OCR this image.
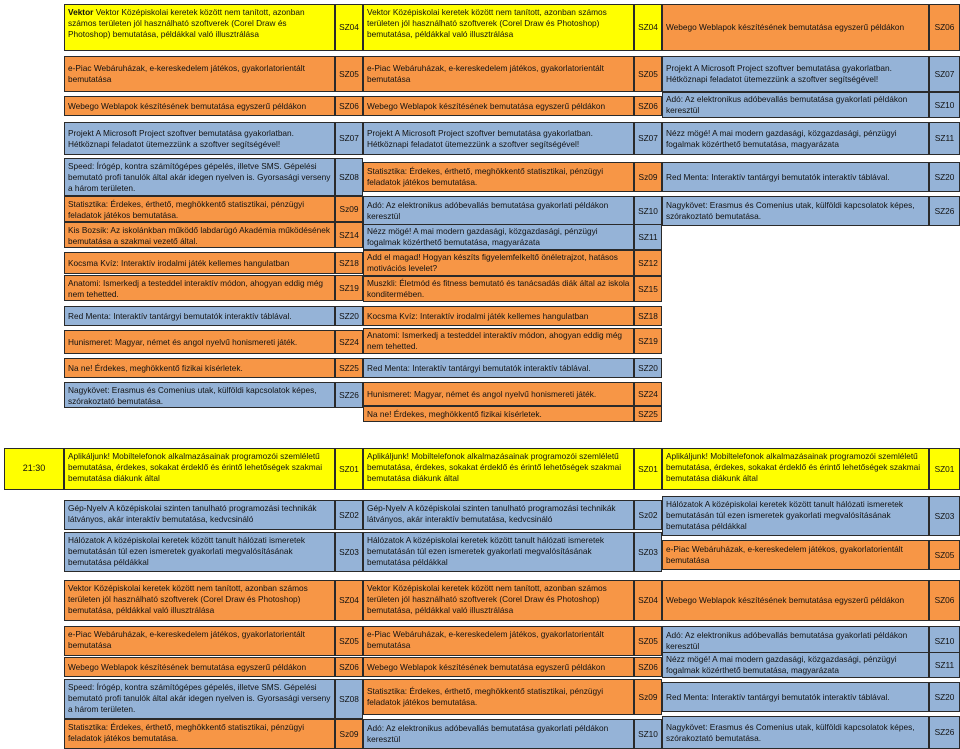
Vektor Vektor Középiskolai keretek között nem tanított, azonban számos területen jól használható szoftverek (Corel Draw és Photoshop) bemutatása, példákkal való illusztrálása
SZ04
e-Piac Webáruházak, e-kereskedelem játékos, gyakorlatorientált bemutatása
SZ05
Webego Weblapok készítésének bemutatása egyszerű példákon	SZ06
Projekt A Microsoft Project szoftver bemutatása gyakorlatban. Hétköznapi feladatot ütemezzünk a szoftver segítségével!
SZ07
Speed: Írógép, kontra számítógépes gépelés, illetve SMS. Gépelési bemutató profi tanulók által akár idegen nyelven is. Gyorsasági verseny a három területen.
SZ08
Statisztika: Érdekes, érthető, meghökkentő statisztikai, pénzügyi feladatok játékos bemutatása.
Sz09
Kis Bozsik: Az iskolánkban működő labdarúgó Akadémia működésének bemutatása a szakmai vezető által.
SZ14
Kocsma Kvíz: Interaktív irodalmi játék kellemes hangulatban	SZ18
Anatomi: Ismerkedj a testeddel interaktív módon, ahogyan eddig még nem tehetted.
SZ19
Red Menta: Interaktív tantárgyi bemutatók interaktív táblával.	SZ20
Hunismeret: Magyar, német és angol nyelvű honismereti játék.	SZ24
Na ne! Érdekes, meghökkentő fizikai kísérletek.	SZ25
Nagykövet: Erasmus és Comenius utak, külföldi kapcsolatok képes, szórakoztató bemutatása.
SZ26
Vektor Középiskolai keretek között nem tanított, azonban számos területen jól használható szoftverek (Corel Draw és Photoshop) bemutatása, példákkal való illusztrálása
SZ04
e-Piac Webáruházak, e-kereskedelem játékos, gyakorlatorientált bemutatása
SZ05
Webego Weblapok készítésének bemutatása egyszerű példákon	SZ06
Projekt A Microsoft Project szoftver bemutatása gyakorlatban. Hétköznapi feladatot ütemezzünk a szoftver segítségével!
SZ07
Statisztika: Érdekes, érthető, meghökkentő statisztikai, pénzügyi feladatok játékos bemutatása.
Sz09
Adó: Az elektronikus adóbevallás bemutatása gyakorlati példákon keresztül
SZ10
Nézz mögé! A mai modern gazdasági, közgazdasági, pénzügyi fogalmak közérthető bemutatása, magyarázata
SZ11
Add el magad! Hogyan készíts figyelemfelkeltő önéletrajzot, hatásos motivációs levelet?
SZ12
Muszkli: Életmód és fitness bemutató és tanácsadás diák által az iskola konditermében.
SZ15
Kocsma Kvíz: Interaktív irodalmi játék kellemes hangulatban	SZ18
Anatomi: Ismerkedj a testeddel interaktív módon, ahogyan eddig még nem tehetted.
SZ19
Red Menta: Interaktív tantárgyi bemutatók interaktív táblával.	SZ20
Hunismeret: Magyar, német és angol nyelvű honismereti játék.	SZ24
Na ne! Érdekes, meghökkentő fizikai kísérletek.	SZ25
Webego Weblapok készítésének bemutatása egyszerű példákon	SZ06
Projekt A Microsoft Project szoftver bemutatása gyakorlatban. Hétköznapi feladatot ütemezzünk a szoftver segítségével!
SZ07
Adó: Az elektronikus adóbevallás bemutatása gyakorlati példákon keresztül
SZ10
Nézz mögé! A mai modern gazdasági, közgazdasági, pénzügyi fogalmak közérthető bemutatása, magyarázata
SZ11
Red Menta: Interaktív tantárgyi bemutatók interaktív táblával.	SZ20
Nagykövet: Erasmus és Comenius utak, külföldi kapcsolatok képes, szórakoztató bemutatása.
SZ26
21:30
Aplikáljunk! Mobiltelefonok alkalmazásainak programozói szemléletű bemutatása, érdekes, sokakat érdeklő és érintő lehetőségek szakmai bemutatása diákunk által
SZ01
Gép-Nyelv A középiskolai szinten tanulható programozási technikák látványos, akár interaktív bemutatása, kedvcsináló	SZ02
Hálózatok A középiskolai keretek között tanult hálózati ismeretek bemutatásán túl ezen ismeretek gyakorlati megvalósításának bemutatása példákkal
SZ03
Vektor Középiskolai keretek között nem tanított, azonban számos területen jól használható szoftverek (Corel Draw és Photoshop) bemutatása, példákkal való illusztrálása
SZ04
e-Piac Webáruházak, e-kereskedelem játékos, gyakorlatorientált bemutatása	SZ05
Webego Weblapok készítésének bemutatása egyszerű példákon	SZ06
Speed: Írógép, kontra számítógépes gépelés, illetve SMS. Gépelési bemutató profi tanulók által akár idegen nyelven is. Gyorsasági verseny a három területen.
SZ08
Statisztika: Érdekes, érthető, meghökkentő statisztikai, pénzügyi feladatok játékos bemutatása.	Sz09
Aplikáljunk! Mobiltelefonok alkalmazásainak programozói szemléletű bemutatása, érdekes, sokakat érdeklő és érintő lehetőségek szakmai bemutatása diákunk által
SZ01
Gép-Nyelv A középiskolai szinten tanulható programozási technikák látványos, akár interaktív bemutatása, kedvcsináló	Sz02
Hálózatok A középiskolai keretek között tanult hálózati ismeretek bemutatásán túl ezen ismeretek gyakorlati megvalósításának bemutatása példákkal
SZ03
Vektor Középiskolai keretek között nem tanított, azonban számos területen jól használható szoftverek (Corel Draw és Photoshop) bemutatása, példákkal való illusztrálása
SZ04
e-Piac Webáruházak, e-kereskedelem játékos, gyakorlatorientált bemutatása	SZ05
Webego Weblapok készítésének bemutatása egyszerű példákon	SZ06
Statisztika: Érdekes, érthető, meghökkentő statisztikai, pénzügyi feladatok játékos bemutatása.
Sz09
Adó: Az elektronikus adóbevallás bemutatása gyakorlati példákon keresztül
SZ10
Aplikáljunk! Mobiltelefonok alkalmazásainak programozói szemléletű bemutatása, érdekes, sokakat érdeklő és érintő lehetőségek szakmai bemutatása diákunk által
SZ01
Hálózatok A középiskolai keretek között tanult hálózati ismeretek bemutatásán túl ezen ismeretek gyakorlati megvalósításának bemutatása példákkal
SZ03
e-Piac Webáruházak, e-kereskedelem játékos, gyakorlatorientált bemutatása
SZ05
Webego Weblapok készítésének bemutatása egyszerű példákon	SZ06
Adó: Az elektronikus adóbevallás bemutatása gyakorlati példákon keresztül
SZ10
Nézz mögé! A mai modern gazdasági, közgazdasági, pénzügyi fogalmak közérthető bemutatása, magyarázata
SZ11
Red Menta: Interaktív tantárgyi bemutatók interaktív táblával.	SZ20
Nagykövet: Erasmus és Comenius utak, külföldi kapcsolatok képes, szórakoztató bemutatása.
SZ26
